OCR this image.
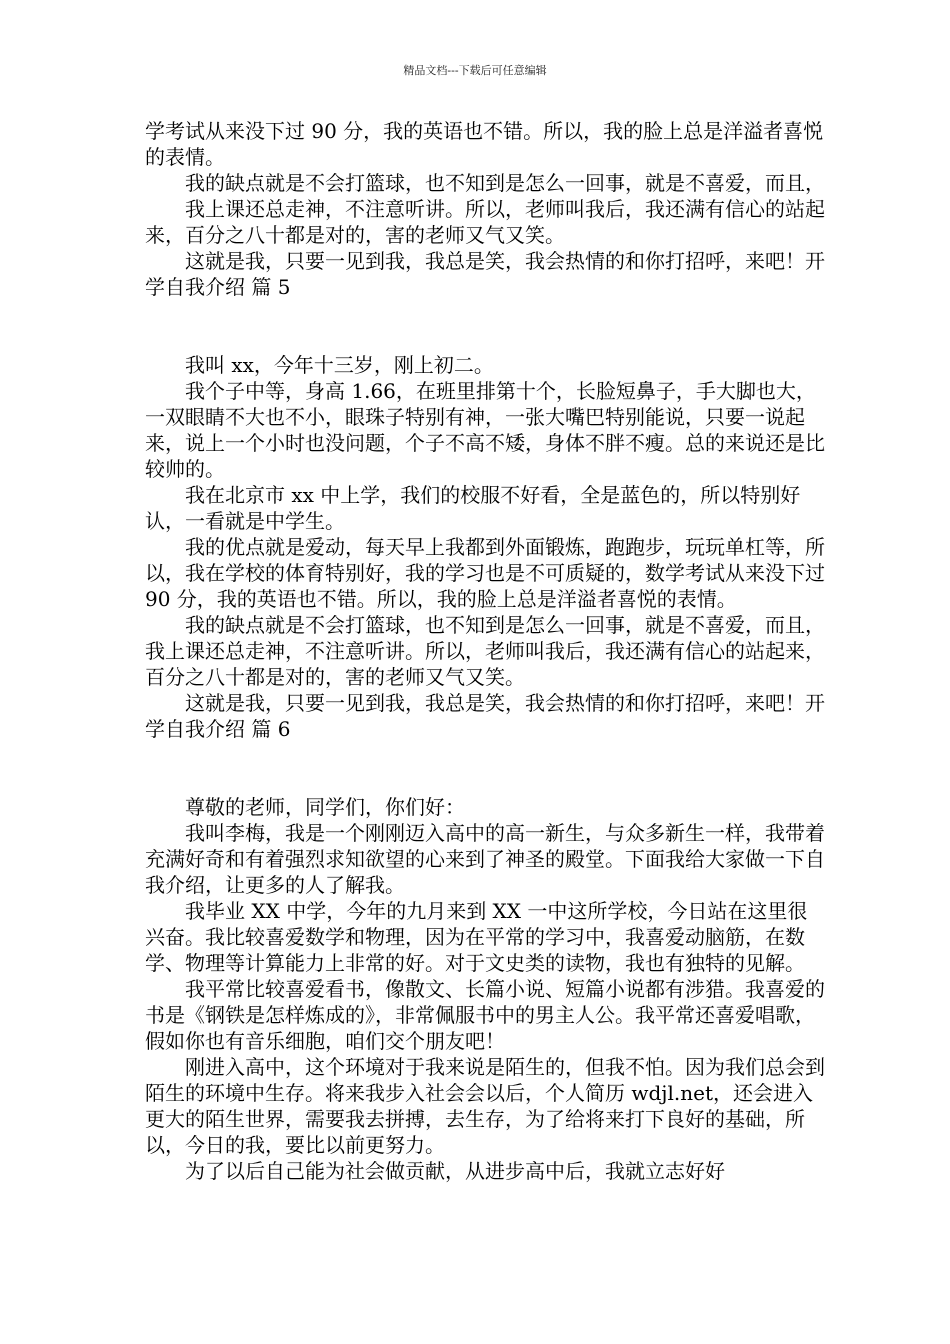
精品文档---下载后可任意编辑

学考试从来没下过 90 分，我的英语也不错。所以，我的脸上总是洋溢者喜悦的表情。

我的缺点就是不会打篮球，也不知到是怎么一回事，就是不喜爱，而且，

我上课还总走神，不注意听讲。所以，老师叫我后，我还满有信心的站起来，百分之八十都是对的，害的老师又气又笑。

这就是我，只要一见到我，我总是笑，我会热情的和你打招呼，来吧！开学自我介绍 篇 5

我叫 xx，今年十三岁，刚上初二。

我个子中等，身高 1.66，在班里排第十个，长脸短鼻子，手大脚也大，一双眼睛不大也不小，眼珠子特别有神，一张大嘴巴特别能说，只要一说起来，说上一个小时也没问题，个子不高不矮，身体不胖不瘦。总的来说还是比较帅的。

我在北京市 xx 中上学，我们的校服不好看，全是蓝色的，所以特别好认，一看就是中学生。

我的优点就是爱动，每天早上我都到外面锻炼，跑跑步，玩玩单杠等，所以，我在学校的体育特别好，我的学习也是不可质疑的，数学考试从来没下过 90 分，我的英语也不错。所以，我的脸上总是洋溢者喜悦的表情。

我的缺点就是不会打篮球，也不知到是怎么一回事，就是不喜爱，而且，我上课还总走神，不注意听讲。所以，老师叫我后，我还满有信心的站起来，百分之八十都是对的，害的老师又气又笑。

这就是我，只要一见到我，我总是笑，我会热情的和你打招呼，来吧！开学自我介绍 篇 6

尊敬的老师，同学们，你们好：

我叫李梅，我是一个刚刚迈入高中的高一新生，与众多新生一样，我带着充满好奇和有着强烈求知欲望的心来到了神圣的殿堂。下面我给大家做一下自我介绍，让更多的人了解我。

我毕业 XX 中学，今年的九月来到 XX 一中这所学校，今日站在这里很兴奋。我比较喜爱数学和物理，因为在平常的学习中，我喜爱动脑筋，在数学、物理等计算能力上非常的好。对于文史类的读物，我也有独特的见解。

我平常比较喜爱看书，像散文、长篇小说、短篇小说都有涉猎。我喜爱的书是《钢铁是怎样炼成的》，非常佩服书中的男主人公。我平常还喜爱唱歌，假如你也有音乐细胞，咱们交个朋友吧！

刚进入高中，这个环境对于我来说是陌生的，但我不怕。因为我们总会到陌生的环境中生存。将来我步入社会会以后，个人简历 wdjl.net，还会进入更大的陌生世界，需要我去拼搏，去生存，为了给将来打下良好的基础，所以，今日的我，要比以前更努力。

为了以后自己能为社会做贡献，从进步高中后，我就立志好好
